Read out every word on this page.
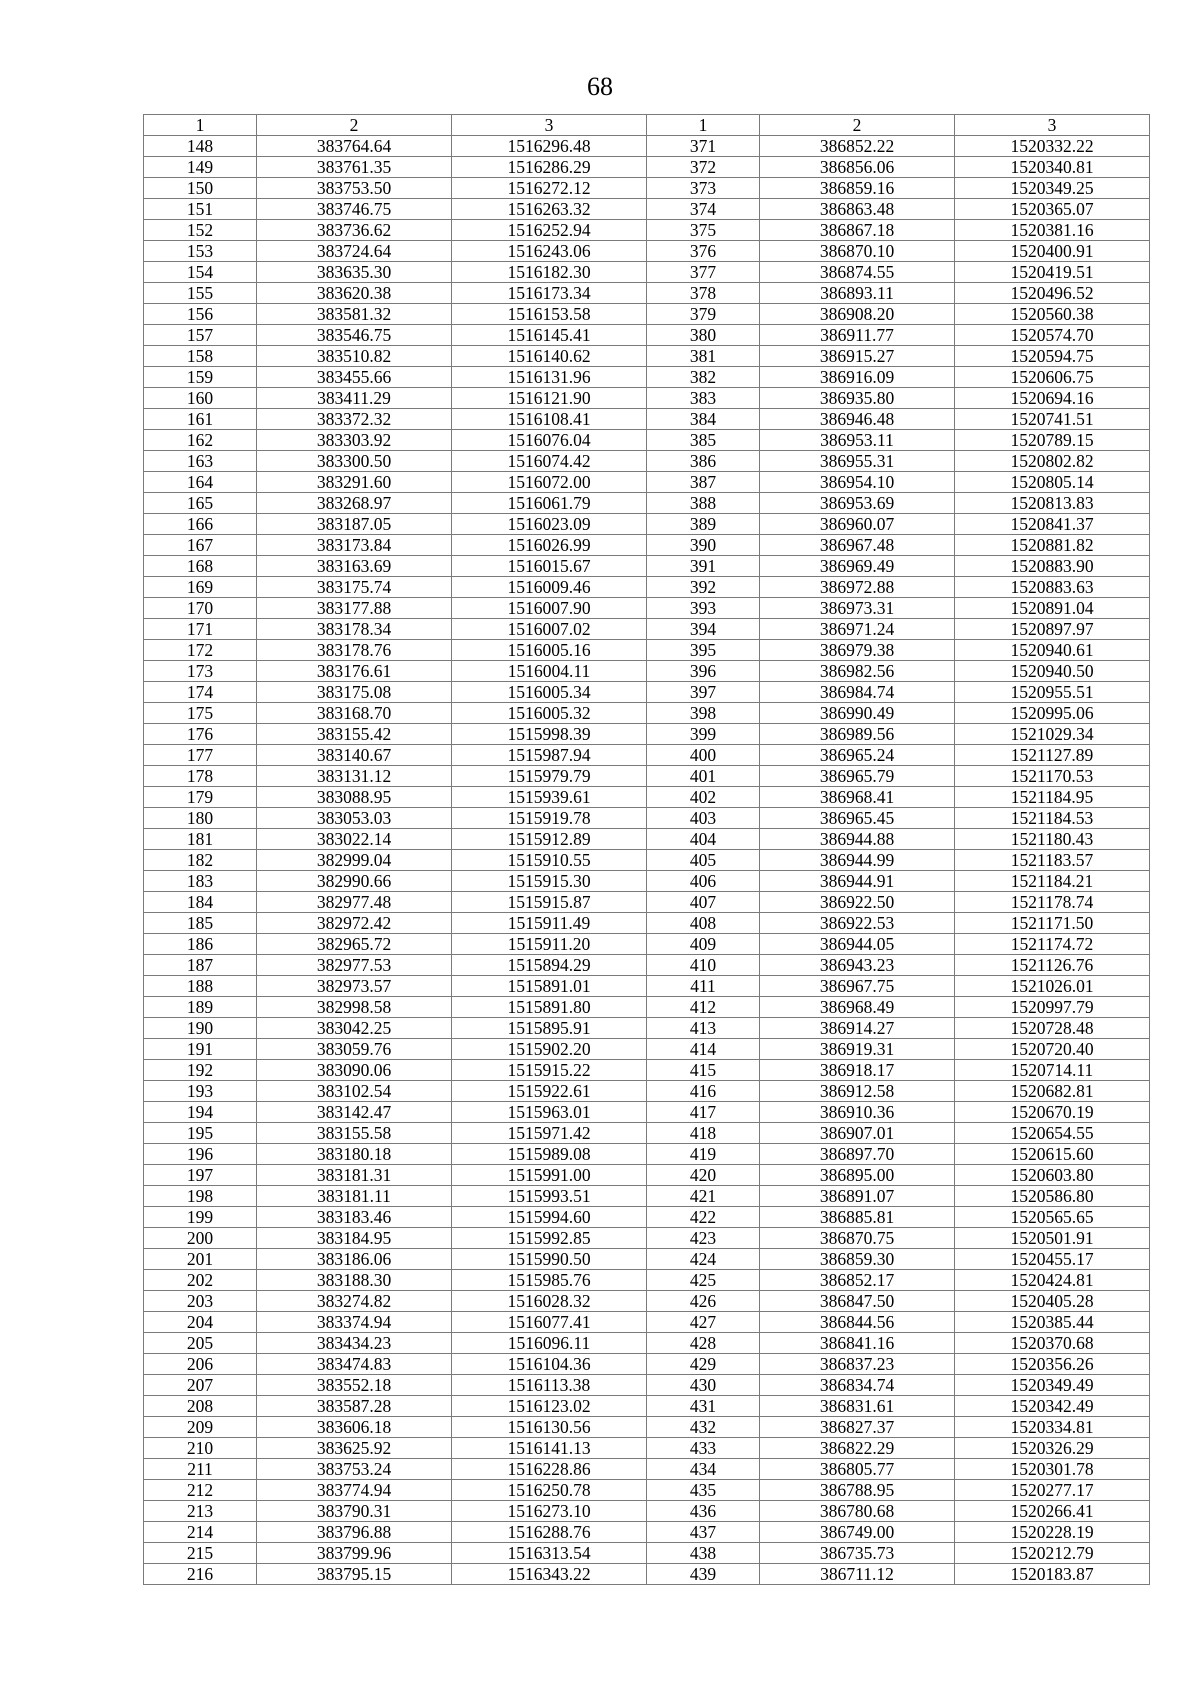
68
1	2	3	1	2	3
148	383764.64	1516296.48	371	386852.22	1520332.22
149	383761.35	1516286.29	372	386856.06	1520340.81
150	383753.50	1516272.12	373	386859.16	1520349.25
151	383746.75	1516263.32	374	386863.48	1520365.07
152	383736.62	1516252.94	375	386867.18	1520381.16
153	383724.64	1516243.06	376	386870.10	1520400.91
154	383635.30	1516182.30	377	386874.55	1520419.51
155	383620.38	1516173.34	378	386893.11	1520496.52
156	383581.32	1516153.58	379	386908.20	1520560.38
157	383546.75	1516145.41	380	386911.77	1520574.70
158	383510.82	1516140.62	381	386915.27	1520594.75
159	383455.66	1516131.96	382	386916.09	1520606.75
160	383411.29	1516121.90	383	386935.80	1520694.16
161	383372.32	1516108.41	384	386946.48	1520741.51
162	383303.92	1516076.04	385	386953.11	1520789.15
163	383300.50	1516074.42	386	386955.31	1520802.82
164	383291.60	1516072.00	387	386954.10	1520805.14
165	383268.97	1516061.79	388	386953.69	1520813.83
166	383187.05	1516023.09	389	386960.07	1520841.37
167	383173.84	1516026.99	390	386967.48	1520881.82
168	383163.69	1516015.67	391	386969.49	1520883.90
169	383175.74	1516009.46	392	386972.88	1520883.63
170	383177.88	1516007.90	393	386973.31	1520891.04
171	383178.34	1516007.02	394	386971.24	1520897.97
172	383178.76	1516005.16	395	386979.38	1520940.61
173	383176.61	1516004.11	396	386982.56	1520940.50
174	383175.08	1516005.34	397	386984.74	1520955.51
175	383168.70	1516005.32	398	386990.49	1520995.06
176	383155.42	1515998.39	399	386989.56	1521029.34
177	383140.67	1515987.94	400	386965.24	1521127.89
178	383131.12	1515979.79	401	386965.79	1521170.53
179	383088.95	1515939.61	402	386968.41	1521184.95
180	383053.03	1515919.78	403	386965.45	1521184.53
181	383022.14	1515912.89	404	386944.88	1521180.43
182	382999.04	1515910.55	405	386944.99	1521183.57
183	382990.66	1515915.30	406	386944.91	1521184.21
184	382977.48	1515915.87	407	386922.50	1521178.74
185	382972.42	1515911.49	408	386922.53	1521171.50
186	382965.72	1515911.20	409	386944.05	1521174.72
187	382977.53	1515894.29	410	386943.23	1521126.76
188	382973.57	1515891.01	411	386967.75	1521026.01
189	382998.58	1515891.80	412	386968.49	1520997.79
190	383042.25	1515895.91	413	386914.27	1520728.48
191	383059.76	1515902.20	414	386919.31	1520720.40
192	383090.06	1515915.22	415	386918.17	1520714.11
193	383102.54	1515922.61	416	386912.58	1520682.81
194	383142.47	1515963.01	417	386910.36	1520670.19
195	383155.58	1515971.42	418	386907.01	1520654.55
196	383180.18	1515989.08	419	386897.70	1520615.60
197	383181.31	1515991.00	420	386895.00	1520603.80
198	383181.11	1515993.51	421	386891.07	1520586.80
199	383183.46	1515994.60	422	386885.81	1520565.65
200	383184.95	1515992.85	423	386870.75	1520501.91
201	383186.06	1515990.50	424	386859.30	1520455.17
202	383188.30	1515985.76	425	386852.17	1520424.81
203	383274.82	1516028.32	426	386847.50	1520405.28
204	383374.94	1516077.41	427	386844.56	1520385.44
205	383434.23	1516096.11	428	386841.16	1520370.68
206	383474.83	1516104.36	429	386837.23	1520356.26
207	383552.18	1516113.38	430	386834.74	1520349.49
208	383587.28	1516123.02	431	386831.61	1520342.49
209	383606.18	1516130.56	432	386827.37	1520334.81
210	383625.92	1516141.13	433	386822.29	1520326.29
211	383753.24	1516228.86	434	386805.77	1520301.78
212	383774.94	1516250.78	435	386788.95	1520277.17
213	383790.31	1516273.10	436	386780.68	1520266.41
214	383796.88	1516288.76	437	386749.00	1520228.19
215	383799.96	1516313.54	438	386735.73	1520212.79
216	383795.15	1516343.22	439	386711.12	1520183.87
